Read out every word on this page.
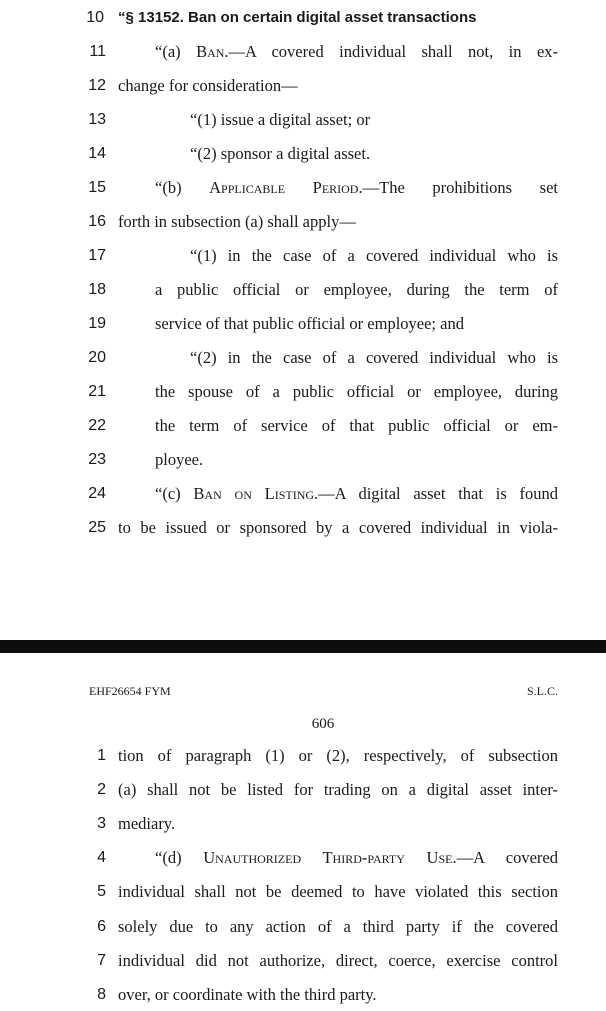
10 “§ 13152. Ban on certain digital asset transactions
11	“(a) Ban.—A covered individual shall not, in ex-
12 change for consideration—
13	“(1) issue a digital asset; or
14	“(2) sponsor a digital asset.
15	“(b) Applicable Period.—The prohibitions set
16 forth in subsection (a) shall apply—
17	“(1) in the case of a covered individual who is
18	a public official or employee, during the term of
19	service of that public official or employee; and
20	“(2) in the case of a covered individual who is
21	the spouse of a public official or employee, during
22	the term of service of that public official or em-
23	ployee.
24	“(c) Ban on Listing.—A digital asset that is found
25 to be issued or sponsored by a covered individual in viola-
EHF26654 FYM	S.L.C.
606
1 tion of paragraph (1) or (2), respectively, of subsection
2 (a) shall not be listed for trading on a digital asset inter-
3 mediary.
4	“(d) Unauthorized Third-party Use.—A covered
5 individual shall not be deemed to have violated this section
6 solely due to any action of a third party if the covered
7 individual did not authorize, direct, coerce, exercise control
8 over, or coordinate with the third party.
